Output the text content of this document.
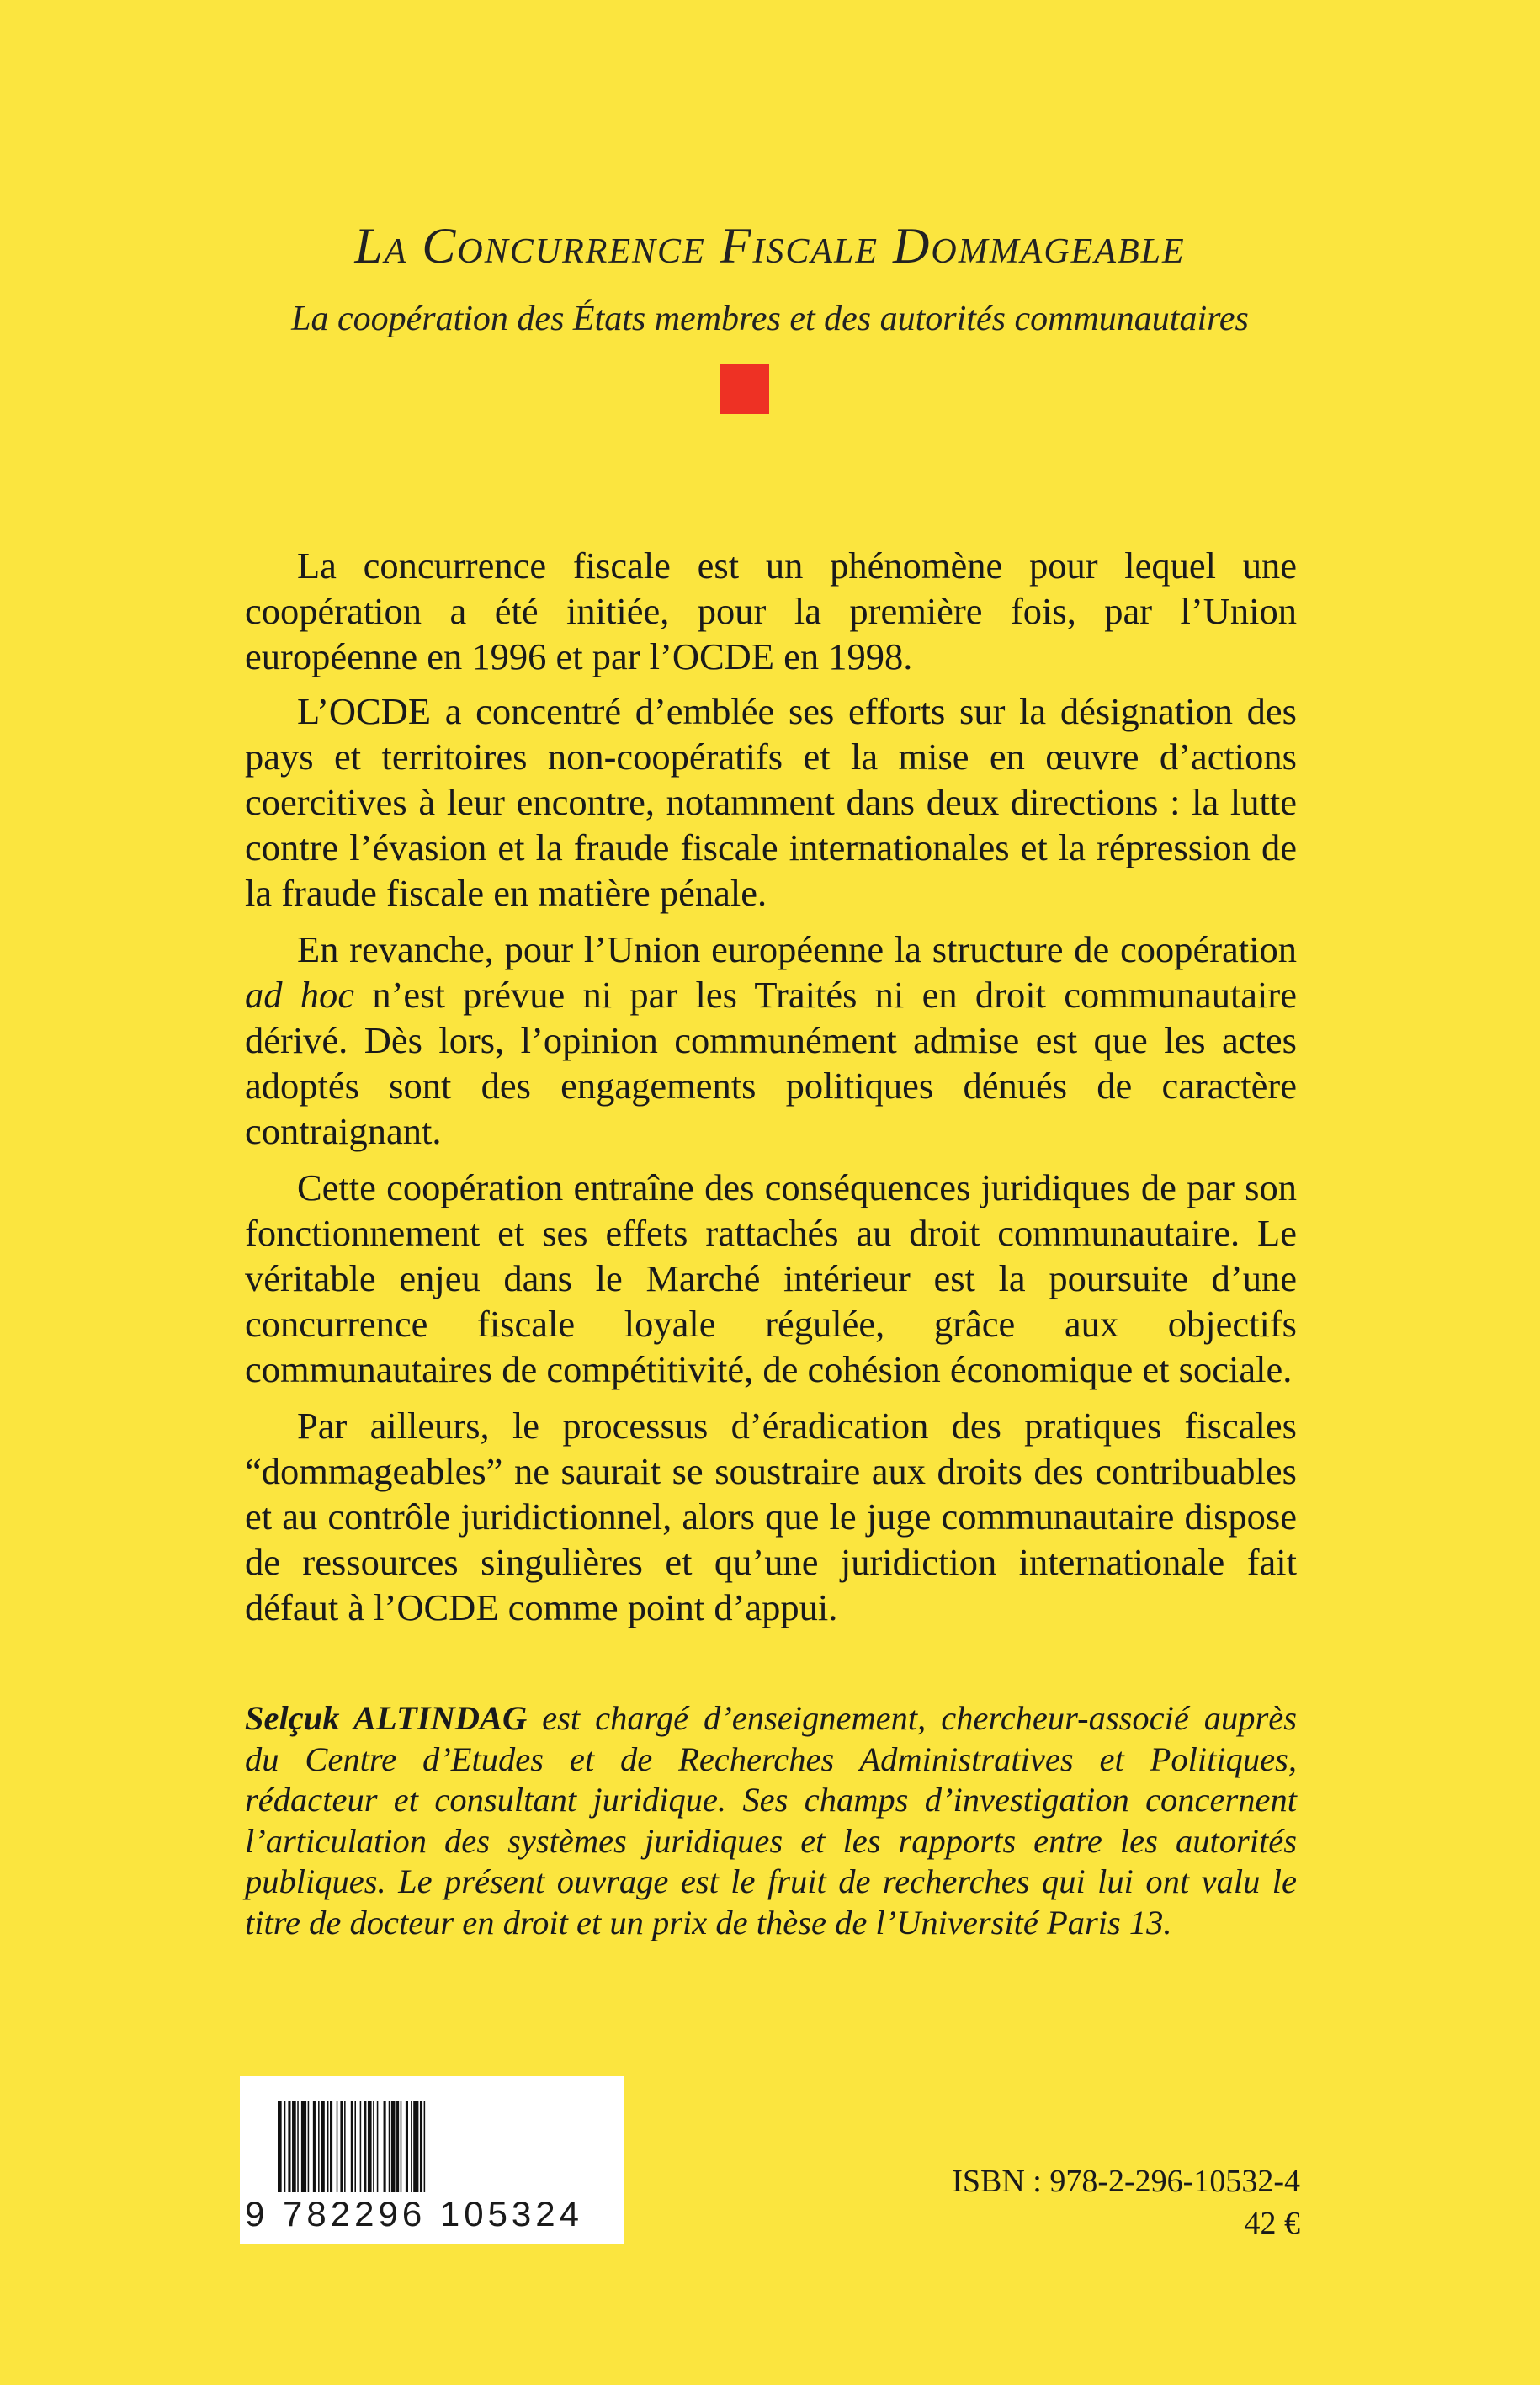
La Concurrence Fiscale Dommageable
La coopération des États membres et des autorités communautaires

La concurrence fiscale est un phénomène pour lequel une coopération a été initiée, pour la première fois, par l’Union européenne en 1996 et par l’OCDE en 1998.

L’OCDE a concentré d’emblée ses efforts sur la désignation des pays et territoires non-coopératifs et la mise en œuvre d’actions coercitives à leur encontre, notamment dans deux directions : la lutte contre l’évasion et la fraude fiscale internationales et la répression de la fraude fiscale en matière pénale.

En revanche, pour l’Union européenne la structure de coopération ad hoc n’est prévue ni par les Traités ni en droit communautaire dérivé. Dès lors, l’opinion communément admise est que les actes adoptés sont des engagements politiques dénués de caractère contraignant.

Cette coopération entraîne des conséquences juridiques de par son fonctionnement et ses effets rattachés au droit communautaire. Le véritable enjeu dans le Marché intérieur est la poursuite d’une concurrence fiscale loyale régulée, grâce aux objectifs communautaires de compétitivité, de cohésion économique et sociale.

Par ailleurs, le processus d’éradication des pratiques fiscales “dommageables” ne saurait se soustraire aux droits des contribuables et au contrôle juridictionnel, alors que le juge communautaire dispose de ressources singulières et qu’une juridiction internationale fait défaut à l’OCDE comme point d’appui.

Selçuk ALTINDAG est chargé d’enseignement, chercheur-associé auprès du Centre d’Etudes et de Recherches Administratives et Politiques, rédacteur et consultant juridique. Ses champs d’investigation concernent l’articulation des systèmes juridiques et les rapports entre les autorités publiques. Le présent ouvrage est le fruit de recherches qui lui ont valu le titre de docteur en droit et un prix de thèse de l’Université Paris 13.
9 782296 105324
ISBN : 978-2-296-10532-4
42 €
